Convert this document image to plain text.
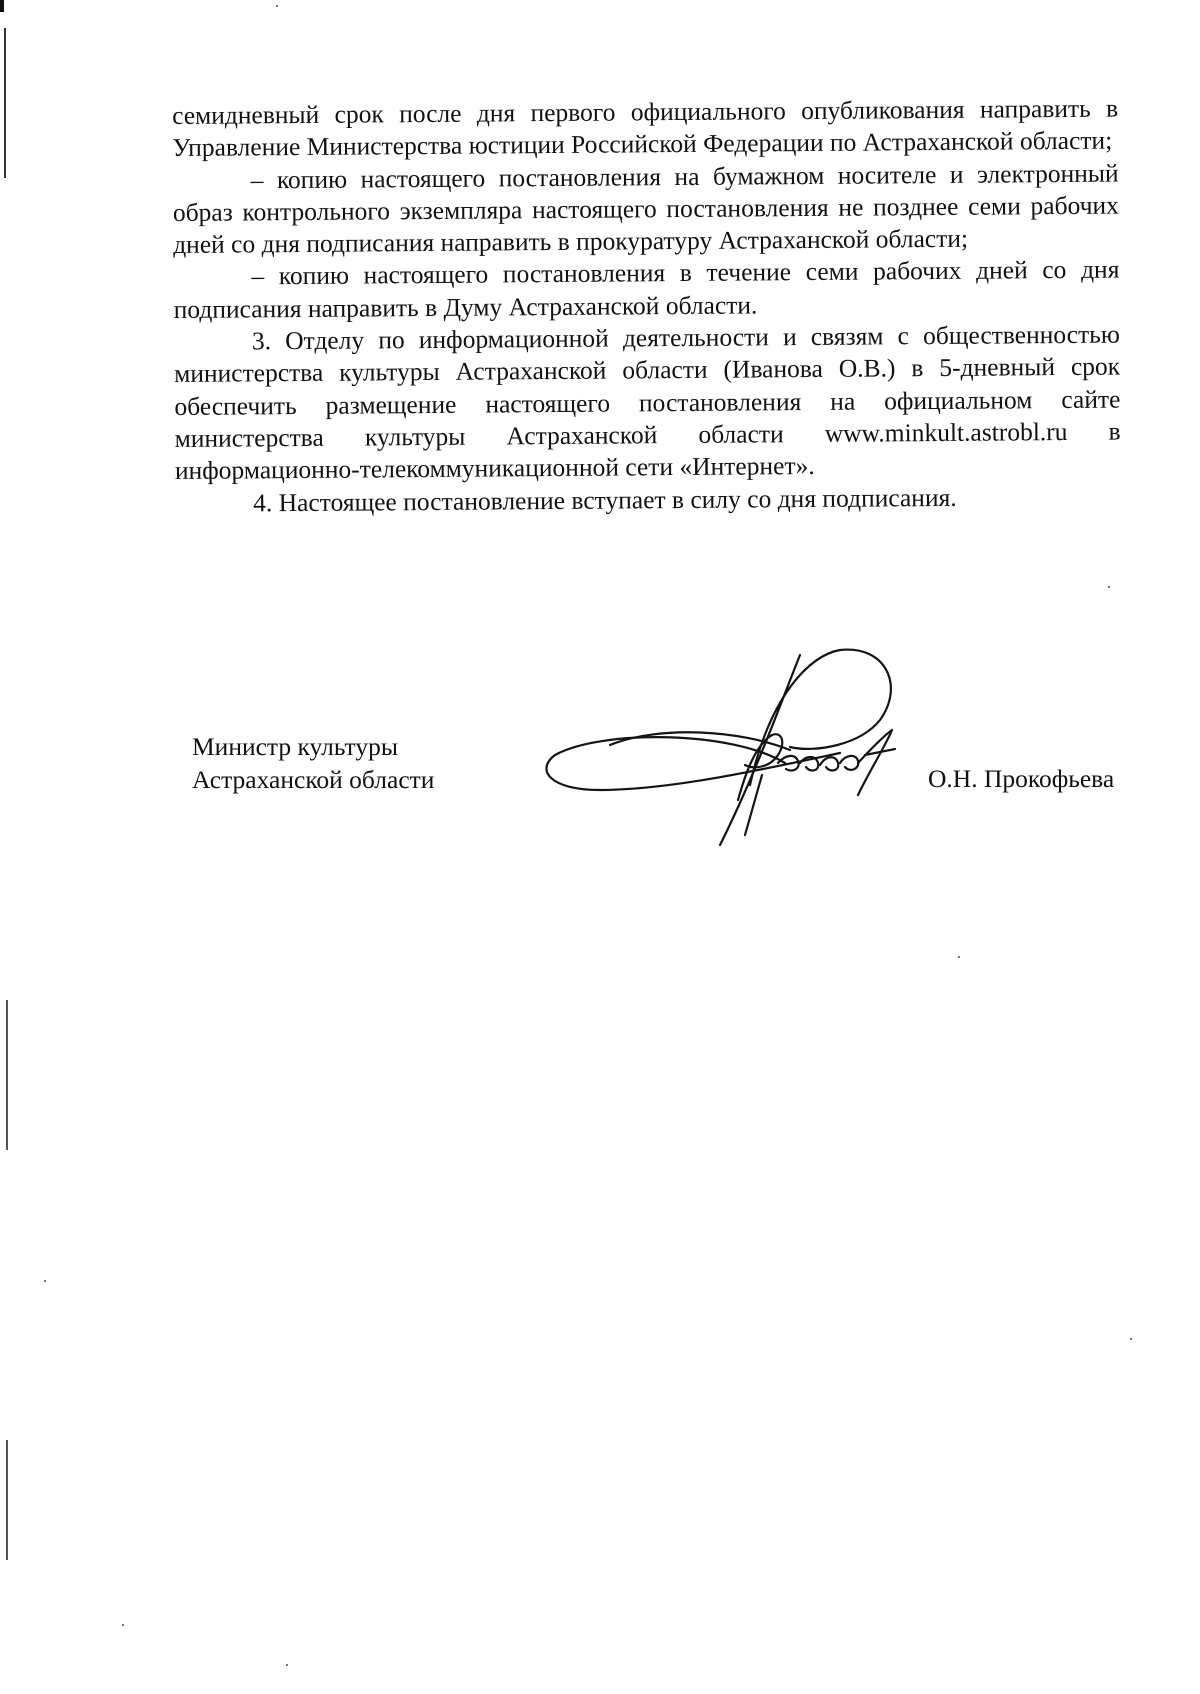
семидневный срок после дня первого официального опубликования направить в Управление Министерства юстиции Российской Федерации по Астраханской области;

– копию настоящего постановления на бумажном носителе и электронный образ контрольного экземпляра настоящего постановления не позднее семи рабочих дней со дня подписания направить в прокуратуру Астраханской области;

– копию настоящего постановления в течение семи рабочих дней со дня подписания направить в Думу Астраханской области.

3. Отделу по информационной деятельности и связям с общественностью министерства культуры Астраханской области (Иванова О.В.) в 5-дневный срок обеспечить размещение настоящего постановления на официальном сайте министерства культуры Астраханской области www.minkult.astrobl.ru в информационно-телекоммуникационной сети «Интернет».

4. Настоящее постановление вступает в силу со дня подписания.

Министр культуры
Астраханской области	О.Н. Прокофьева
